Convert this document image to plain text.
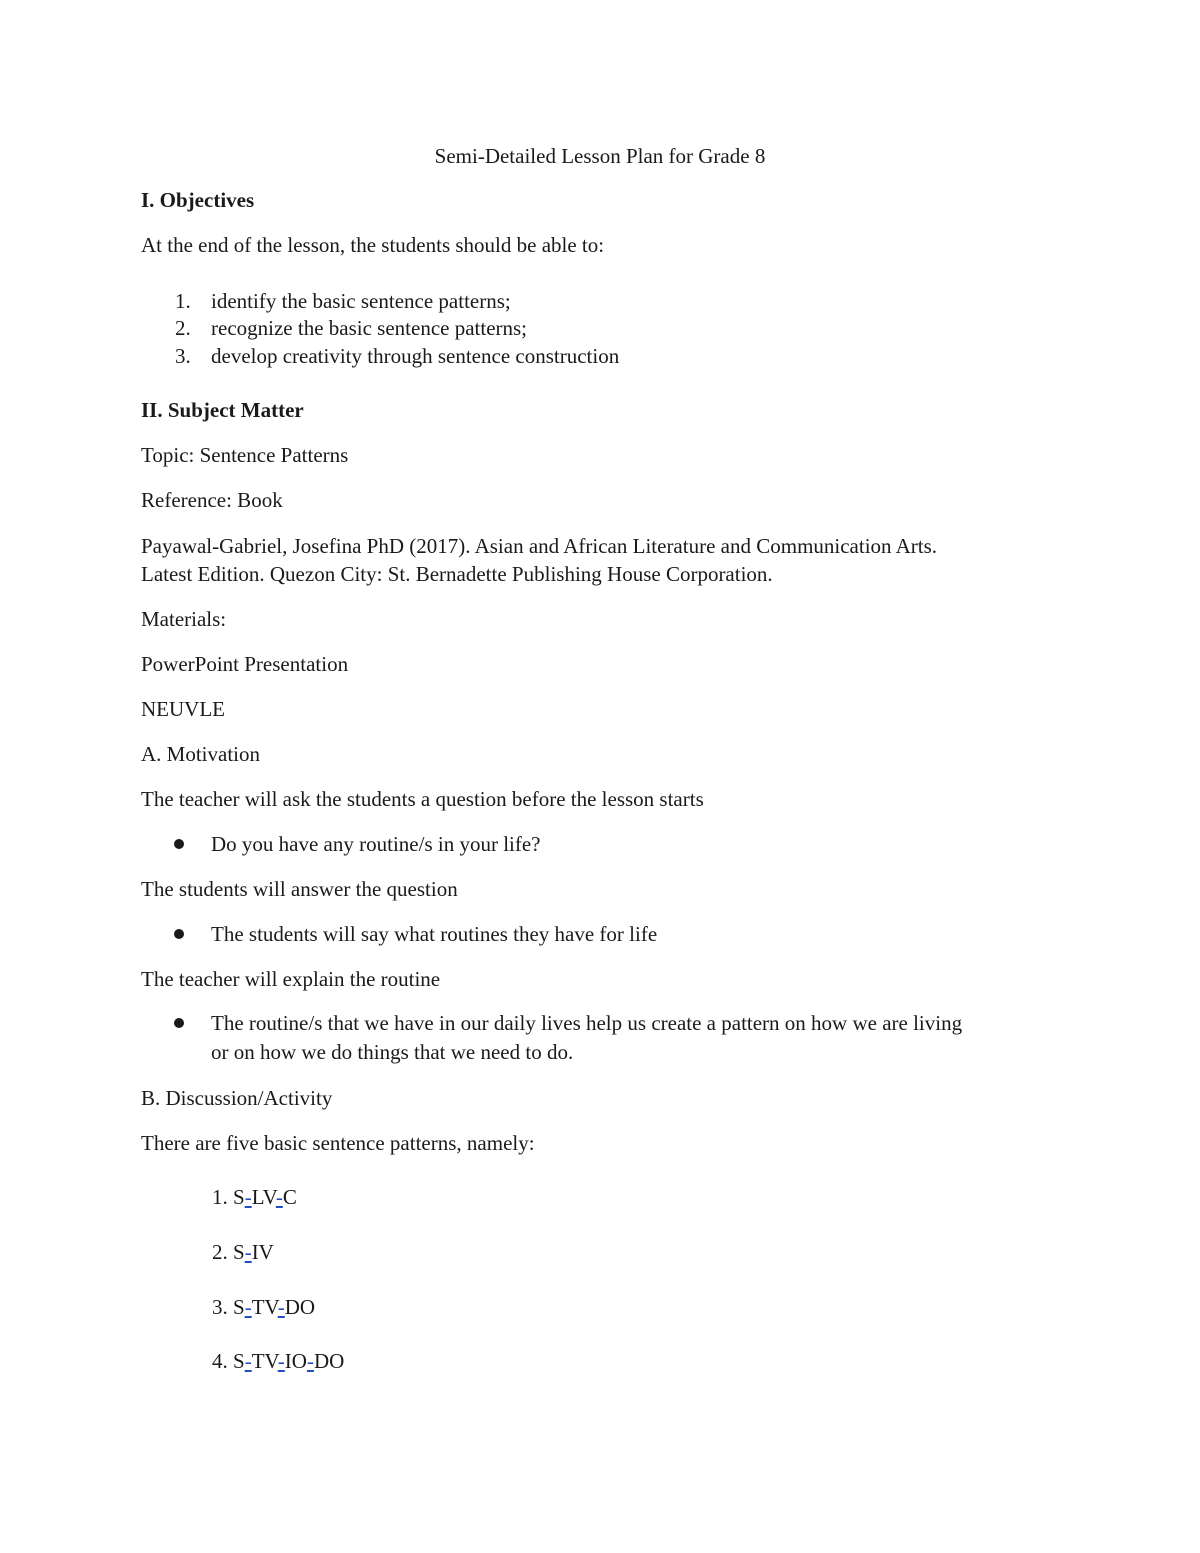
Semi-Detailed Lesson Plan for Grade 8
I. Objectives
At the end of the lesson, the students should be able to:
1. identify the basic sentence patterns;
2. recognize the basic sentence patterns;
3. develop creativity through sentence construction
II. Subject Matter
Topic: Sentence Patterns
Reference: Book
Payawal-Gabriel, Josefina PhD (2017). Asian and African Literature and Communication Arts.
Latest Edition. Quezon City: St. Bernadette Publishing House Corporation.
Materials:
PowerPoint Presentation
NEUVLE
A. Motivation
The teacher will ask the students a question before the lesson starts
Do you have any routine/s in your life?
The students will answer the question
The students will say what routines they have for life
The teacher will explain the routine
The routine/s that we have in our daily lives help us create a pattern on how we are living
or on how we do things that we need to do.
B. Discussion/Activity
There are five basic sentence patterns, namely:
1. S-LV-C
2. S-IV
3. S-TV-DO
4. S-TV-IO-DO
